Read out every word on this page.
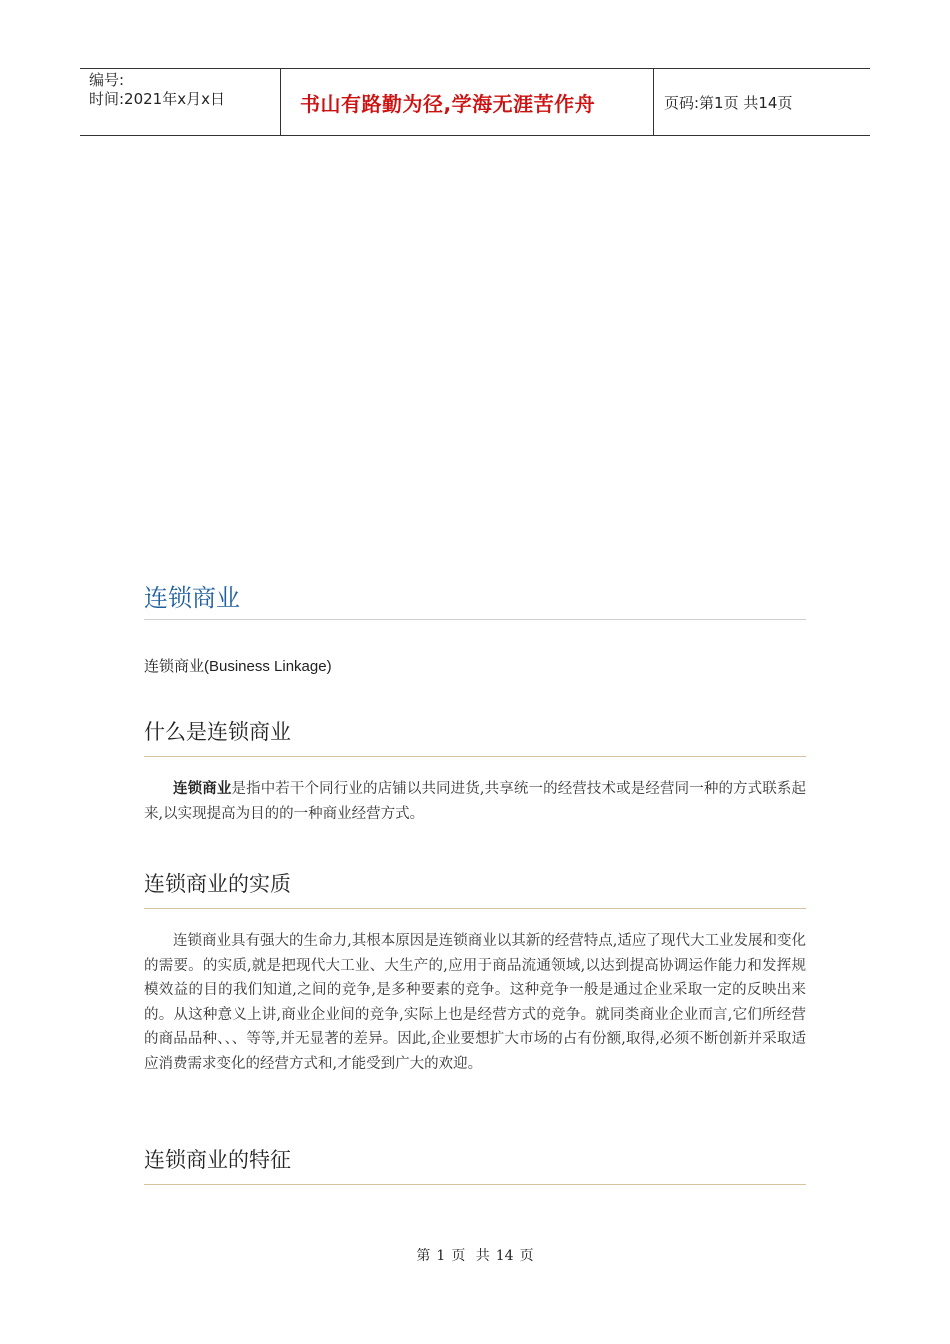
编号:
时间:2021年x月x日	书山有路勤为径,学海无涯苦作舟	页码:第1页 共14页
连锁商业
连锁商业(Business Linkage)
什么是连锁商业
连锁商业是指中若干个同行业的店铺以共同进货,共享统一的经营技术或是经营同一种的方式联系起来,以实现提高为目的的一种商业经营方式。
连锁商业的实质
连锁商业具有强大的生命力,其根本原因是连锁商业以其新的经营特点,适应了现代大工业发展和变化的需要。的实质,就是把现代大工业、大生产的,应用于商品流通领域,以达到提高协调运作能力和发挥规模效益的目的我们知道,之间的竞争,是多种要素的竞争。这种竞争一般是通过企业采取一定的反映出来的。从这种意义上讲,商业企业间的竞争,实际上也是经营方式的竞争。就同类商业企业而言,它们所经营的商品品种、、、等等,并无显著的差异。因此,企业要想扩大市场的占有份额,取得,必须不断创新并采取适应消费需求变化的经营方式和,才能受到广大的欢迎。
连锁商业的特征
第 1 页 共 14 页
